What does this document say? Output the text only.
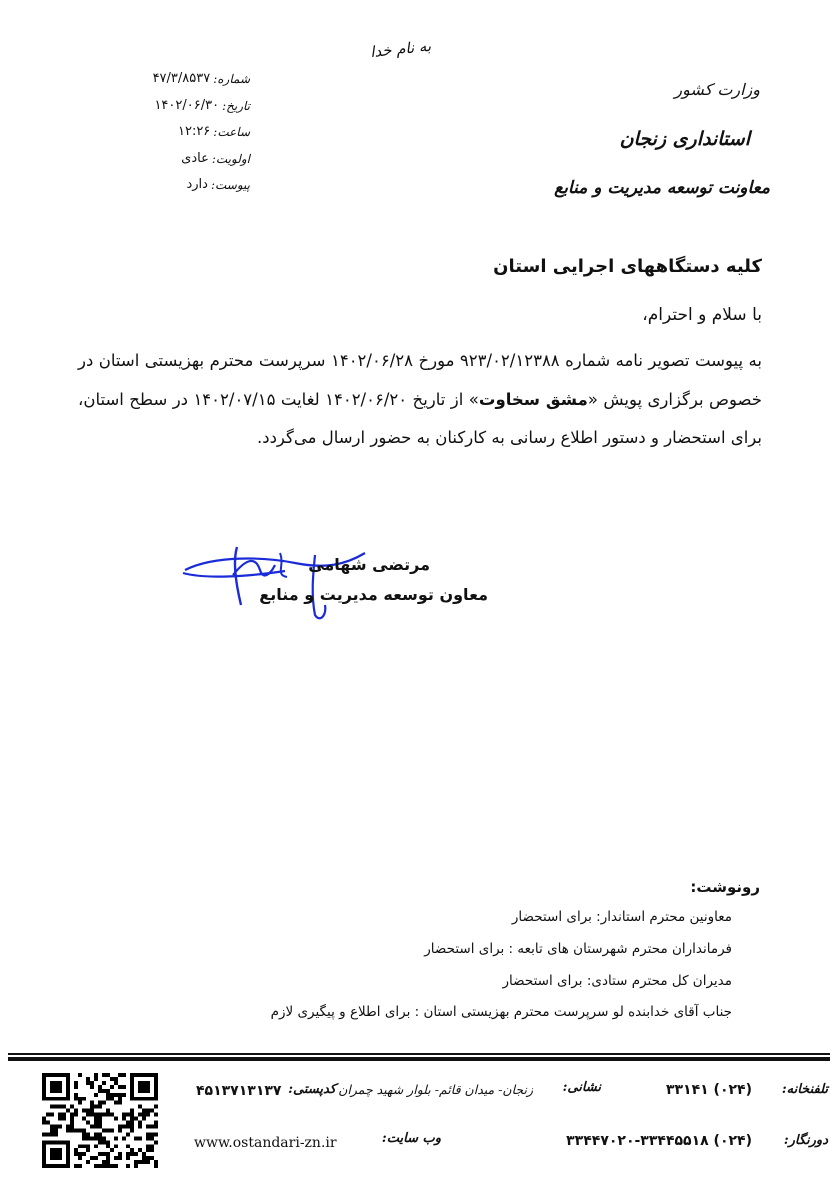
به نام خدا
وزارت کشور
استانداری زنجان
معاونت توسعه مدیریت و منابع
شماره:
۴۷/۳/۸۵۳۷
تاریخ:
۱۴۰۲/۰۶/۳۰
ساعت:
۱۲:۲۶
اولویت:
عادی
پیوست:
دارد
کلیه دستگاههای اجرایی استان
با سلام و احترام،
به پیوست تصویر نامه شماره ۹۲۳/۰۲/۱۲۳۸۸ مورخ ۱۴۰۲/۰۶/۲۸ سرپرست محترم بهزیستی استان در خصوص برگزاری پویش «مشق سخاوت» از تاریخ ۱۴۰۲/۰۶/۲۰ لغایت ۱۴۰۲/۰۷/۱۵ در سطح استان، برای استحضار و دستور اطلاع رسانی به کارکنان به حضور ارسال می‌گردد.
مرتضی شهامی
معاون توسعه مدیریت و منابع
رونوشت:
معاونین محترم استاندار: برای استحضار
فرمانداران محترم شهرستان های تابعه : برای استحضار
مدیران کل محترم ستادی: برای استحضار
جناب آقای خدابنده لو سرپرست محترم بهزیستی استان : برای اطلاع و پیگیری لازم
تلفنخانه:
(۰۲۴) ۳۳۱۴۱
نشانی:
زنجان- میدان قائم- بلوار شهید چمران
کدپستی:
۴۵۱۳۷۱۳۱۳۷
دورنگار:
(۰۲۴) ۳۳۴۴۷۰۲۰-۳۳۴۴۵۵۱۸
وب سایت:
www.ostandari-zn.ir
